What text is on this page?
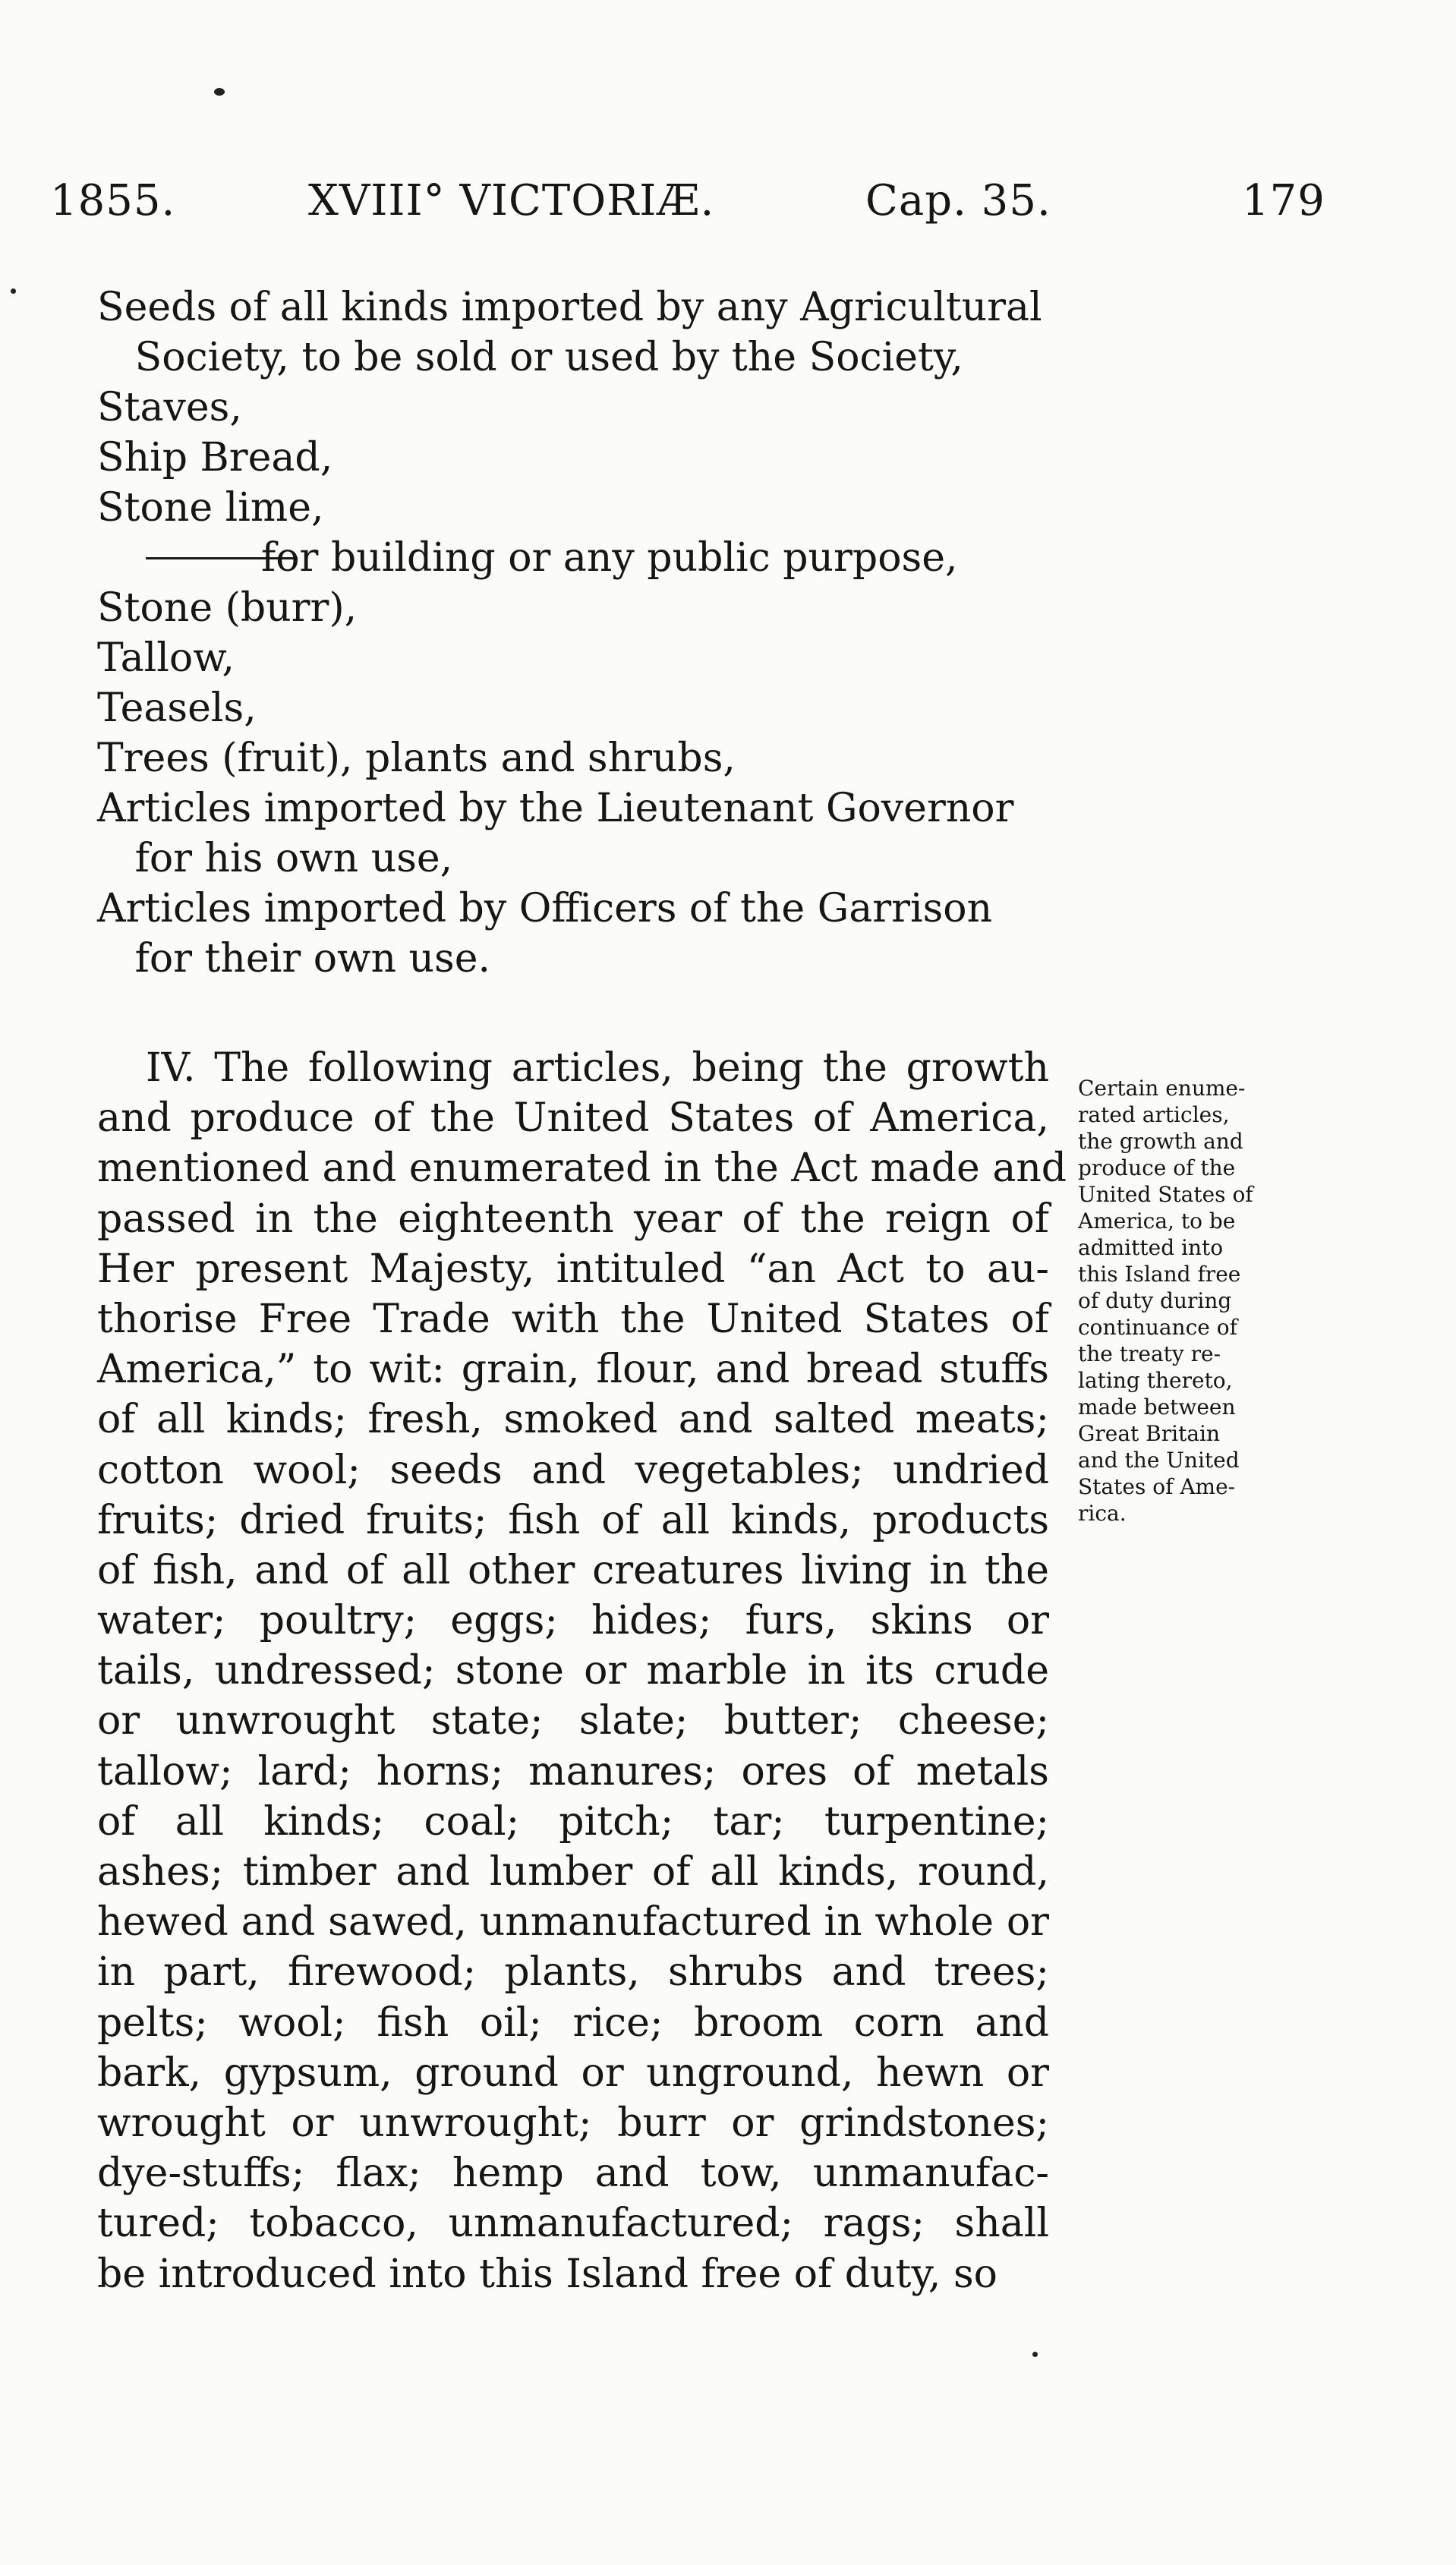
1855.	XVIII° VICTORIÆ.	Cap. 35.	179
Seeds of all kinds imported by any Agricultural
Society, to be sold or used by the Society,
Staves,
Ship Bread,
Stone lime,
for building or any public purpose,
Stone (burr),
Tallow,
Teasels,
Trees (fruit), plants and shrubs,
Articles imported by the Lieutenant Governor
for his own use,
Articles imported by Officers of the Garrison
for their own use.
IV. The following articles, being the growth
and produce of the United States of America,
mentioned and enumerated in the Act made and
passed in the eighteenth year of the reign of
Her present Majesty, intituled “an Act to au-
thorise Free Trade with the United States of
America,” to wit: grain, flour, and bread stuffs
of all kinds; fresh, smoked and salted meats;
cotton wool; seeds and vegetables; undried
fruits; dried fruits; fish of all kinds, products
of fish, and of all other creatures living in the
water; poultry; eggs; hides; furs, skins or
tails, undressed; stone or marble in its crude
or unwrought state; slate; butter; cheese;
tallow; lard; horns; manures; ores of metals
of all kinds; coal; pitch; tar; turpentine;
ashes; timber and lumber of all kinds, round,
hewed and sawed, unmanufactured in whole or
in part, firewood; plants, shrubs and trees;
pelts; wool; fish oil; rice; broom corn and
bark, gypsum, ground or unground, hewn or
wrought or unwrought; burr or grindstones;
dye-stuffs; flax; hemp and tow, unmanufac-
tured; tobacco, unmanufactured; rags; shall
be introduced into this Island free of duty, so
Certain enume-
rated articles,
the growth and
produce of the
United States of
America, to be
admitted into
this Island free
of duty during
continuance of
the treaty re-
lating thereto,
made between
Great Britain
and the United
States of Ame-
rica.
